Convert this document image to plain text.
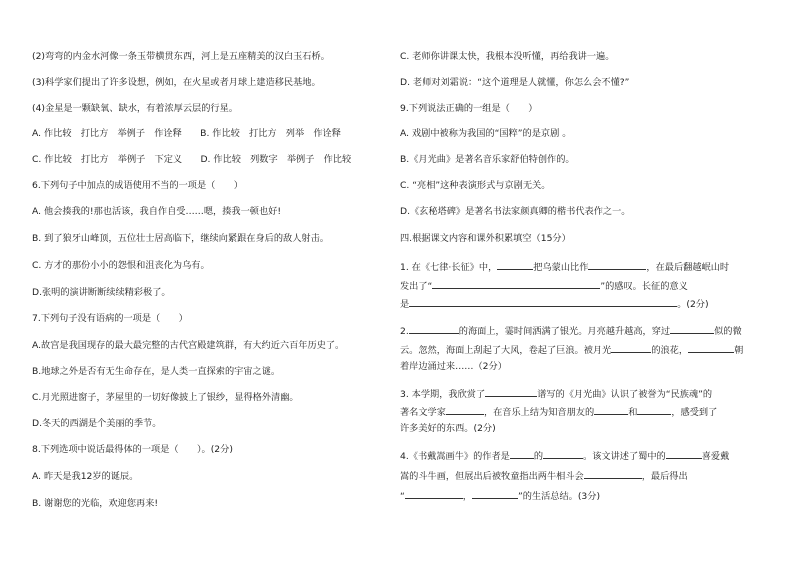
(2)弯弯的内金水河像一条玉带横贯东西，河上是五座精美的汉白玉石桥。
(3)科学家们提出了许多设想，例如，在火星或者月球上建造移民基地。
(4)金星是一颗缺氧、缺水，有着浓厚云层的行星。
A. 作比较　打比方　举例子　作诠释　　B. 作比较　打比方　列举　作诠释
C. 作比较　打比方　举例子　下定义　　D. 作比较　列数字　举例子　作比较
6.下列句子中加点的成语使用不当的一项是（　　）
A. 他会揍我的!那也活该，我自作自受……嗯，揍我一顿也好!
B. 到了狼牙山峰顶，五位壮士居高临下，继续向紧跟在身后的敌人射击。
C. 方才的那份小小的怨恨和沮丧化为乌有。
D.张明的演讲断断续续精彩极了。
7.下列句子没有语病的一项是（　　）
A.故宫是我国现存的最大最完整的古代宫殿建筑群，有大约近六百年历史了。
B.地球之外是否有无生命存在，是人类一直探索的宇宙之谜。
C.月光照进窗子，茅屋里的一切好像披上了银纱，显得格外清幽。
D.冬天的西湖是个美丽的季节。
8.下列选项中说话最得体的一项是（　　）。(2分)
A. 昨天是我12岁的诞辰。
B. 谢谢您的光临，欢迎您再来!
C. 老师你讲课太快，我根本没听懂，再给我讲一遍。
D. 老师对刘霜说：“这个道理是人就懂，你怎么会不懂?”
9.下列说法正确的一组是（　　）
A. 戏剧中被称为我国的“国粹”的是京剧 。
B.《月光曲》是著名音乐家舒伯特创作的。
C. “亮相”这种表演形式与京剧无关。
D.《玄秘塔碑》是著名书法家颜真卿的楷书代表作之一。
四.根据课文内容和课外积累填空（15分）
1. 在《七律·长征》中，	把乌蒙山比作	，在最后翻越岷山时
发出了“	”的感叹。长征的意义
是	。(2分)
2.	的海面上，霎时间洒满了银光。月亮越升越高，穿过	似的微
云。忽然，海面上刮起了大风，卷起了巨浪。被月光	的浪花，	朝
着岸边涌过来……（2分）
3. 本学期，我欣赏了	谱写的《月光曲》认识了被誉为“民族魂”的
著名文学家	，在音乐上结为知音朋友的	和	，感受到了
许多美好的东西。(2分)
4.《书戴嵩画牛》的作者是	的	。该文讲述了蜀中的	喜爱戴
嵩的斗牛画，但展出后被牧童指出两牛相斗会	，最后得出
“	，	”的生活总结。(3分)
